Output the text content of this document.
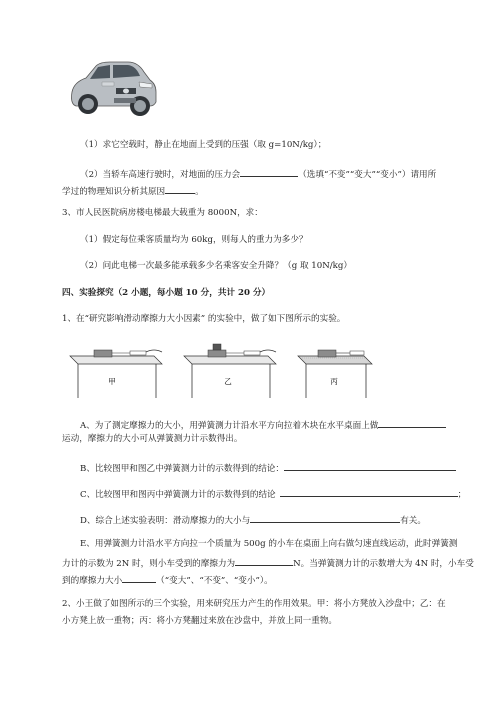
（1）求它空载时，静止在地面上受到的压强（取 g=10N/kg）；
（2）当轿车高速行驶时，对地面的压力会	（选填“不变”“变大”“变小”）请用所
学过的物理知识分析其原因	。
3、市人民医院病房楼电梯最大载重为 8000N，求：
（1）假定每位乘客质量均为 60kg，则每人的重力为多少？
（2）问此电梯一次最多能承载多少名乘客安全升降？（g 取 10N/kg）
四、实验探究（2 小题，每小题 10 分，共计 20 分）
1、在“研究影响滑动摩擦力大小因素” 的实验中，做了如下图所示的实验。
甲	乙	丙
A、为了测定摩擦力的大小，用弹簧测力计沿水平方向拉着木块在水平桌面上做
运动，摩擦力的大小可从弹簧测力计示数得出。
B、比较图甲和图乙中弹簧测力计的示数得到的结论：
C、比较图甲和图丙中弹簧测力计的示数得到的结论	；
D、综合上述实验表明：滑动摩擦力的大小与	有关。
E、用弹簧测力计沿水平方向拉一个质量为 500g 的小车在桌面上向右做匀速直线运动，此时弹簧测
力计的示数为 2N 时，则小车受到的摩擦力为	N。当弹簧测力计的示数增大为 4N 时，小车受
到的摩擦力大小	（“变大”、“不变”、“变小”）。
2、小王做了如图所示的三个实验，用来研究压力产生的作用效果。甲：将小方凳放入沙盘中；乙：在
小方凳上放一重物；丙：将小方凳翻过来放在沙盘中，并放上同一重物。
